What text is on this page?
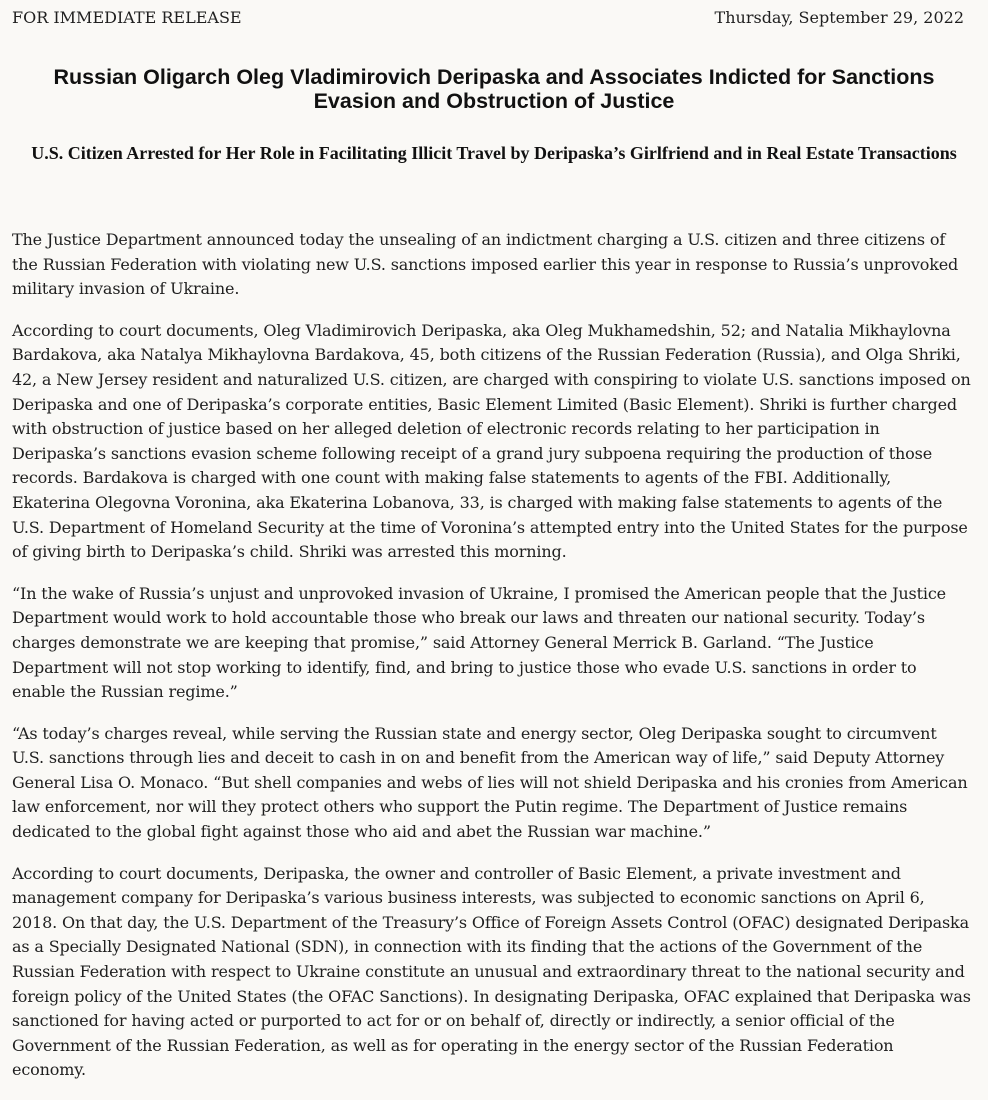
FOR IMMEDIATE RELEASE	Thursday, September 29, 2022
Russian Oligarch Oleg Vladimirovich Deripaska and Associates Indicted for Sanctions Evasion and Obstruction of Justice
U.S. Citizen Arrested for Her Role in Facilitating Illicit Travel by Deripaska’s Girlfriend and in Real Estate Transactions

The Justice Department announced today the unsealing of an indictment charging a U.S. citizen and three citizens of the Russian Federation with violating new U.S. sanctions imposed earlier this year in response to Russia’s unprovoked military invasion of Ukraine.

According to court documents, Oleg Vladimirovich Deripaska, aka Oleg Mukhamedshin, 52; and Natalia Mikhaylovna Bardakova, aka Natalya Mikhaylovna Bardakova, 45, both citizens of the Russian Federation (Russia), and Olga Shriki, 42, a New Jersey resident and naturalized U.S. citizen, are charged with conspiring to violate U.S. sanctions imposed on Deripaska and one of Deripaska’s corporate entities, Basic Element Limited (Basic Element). Shriki is further charged with obstruction of justice based on her alleged deletion of electronic records relating to her participation in Deripaska’s sanctions evasion scheme following receipt of a grand jury subpoena requiring the production of those records. Bardakova is charged with one count with making false statements to agents of the FBI. Additionally, Ekaterina Olegovna Voronina, aka Ekaterina Lobanova, 33, is charged with making false statements to agents of the U.S. Department of Homeland Security at the time of Voronina’s attempted entry into the United States for the purpose of giving birth to Deripaska’s child. Shriki was arrested this morning.

“In the wake of Russia’s unjust and unprovoked invasion of Ukraine, I promised the American people that the Justice Department would work to hold accountable those who break our laws and threaten our national security. Today’s charges demonstrate we are keeping that promise,” said Attorney General Merrick B. Garland. “The Justice Department will not stop working to identify, find, and bring to justice those who evade U.S. sanctions in order to enable the Russian regime.”

“As today’s charges reveal, while serving the Russian state and energy sector, Oleg Deripaska sought to circumvent U.S. sanctions through lies and deceit to cash in on and benefit from the American way of life,” said Deputy Attorney General Lisa O. Monaco. “But shell companies and webs of lies will not shield Deripaska and his cronies from American law enforcement, nor will they protect others who support the Putin regime. The Department of Justice remains dedicated to the global fight against those who aid and abet the Russian war machine.”

According to court documents, Deripaska, the owner and controller of Basic Element, a private investment and management company for Deripaska’s various business interests, was subjected to economic sanctions on April 6, 2018. On that day, the U.S. Department of the Treasury’s Office of Foreign Assets Control (OFAC) designated Deripaska as a Specially Designated National (SDN), in connection with its finding that the actions of the Government of the Russian Federation with respect to Ukraine constitute an unusual and extraordinary threat to the national security and foreign policy of the United States (the OFAC Sanctions). In designating Deripaska, OFAC explained that Deripaska was sanctioned for having acted or purported to act for or on behalf of, directly or indirectly, a senior official of the Government of the Russian Federation, as well as for operating in the energy sector of the Russian Federation economy.
